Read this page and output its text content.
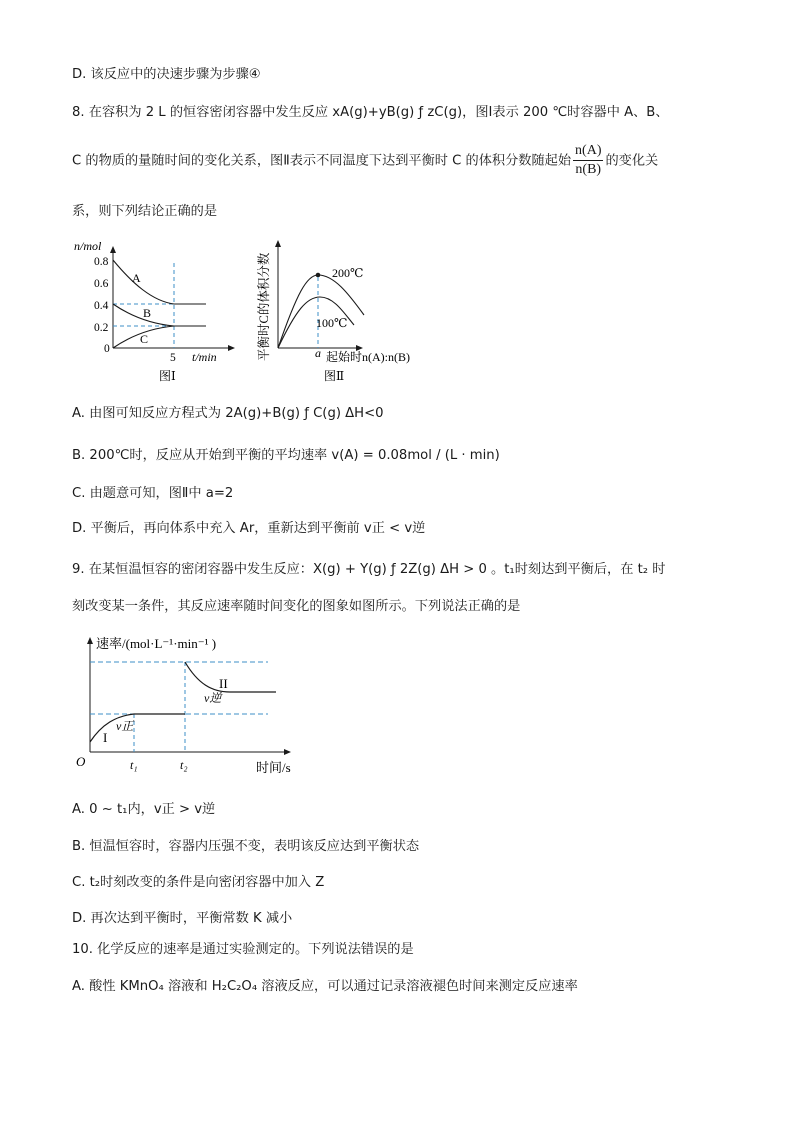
D. 该反应中的决速步骤为步骤④
8. 在容积为 2 L 的恒容密闭容器中发生反应 xA(g)+yB(g) ƒ zC(g)，图Ⅰ表示 200 ℃时容器中 A、B、
C 的物质的量随时间的变化关系，图Ⅱ表示不同温度下达到平衡时 C 的体积分数随起始 $\frac{n(A)}{n(B)}$ 的变化关
系，则下列结论正确的是
n/mol
0.8
0.6
0.4
0.2
0
A
B
C
5 t/min
图Ⅰ
平衡时C的体积分数	200℃
100℃
a 起始时n(A):n(B)
图Ⅱ
A. 由图可知反应方程式为 2A(g)+B(g) ƒ C(g) ΔH<0
B. 200℃时，反应从开始到平衡的平均速率 v(A) = 0.08mol / (L · min)
C. 由题意可知，图Ⅱ中 a=2
D. 平衡后，再向体系中充入 Ar，重新达到平衡前 v正 < v逆
9. 在某恒温恒容的密闭容器中发生反应：X(g) + Y(g) ƒ 2Z(g) ΔH > 0 。t₁时刻达到平衡后，在 t₂ 时
刻改变某一条件，其反应速率随时间变化的图象如图所示。下列说法正确的是
速率/(mol·L⁻¹·min⁻¹ )
I
II
v正
v逆
O	t₁	t₂	时间/s
A. 0 ~ t₁内，v正 > v逆
B. 恒温恒容时，容器内压强不变，表明该反应达到平衡状态
C. t₂时刻改变的条件是向密闭容器中加入 Z
D. 再次达到平衡时，平衡常数 K 减小
10. 化学反应的速率是通过实验测定的。下列说法错误的是
A. 酸性 KMnO₄ 溶液和 H₂C₂O₄ 溶液反应，可以通过记录溶液褪色时间来测定反应速率
